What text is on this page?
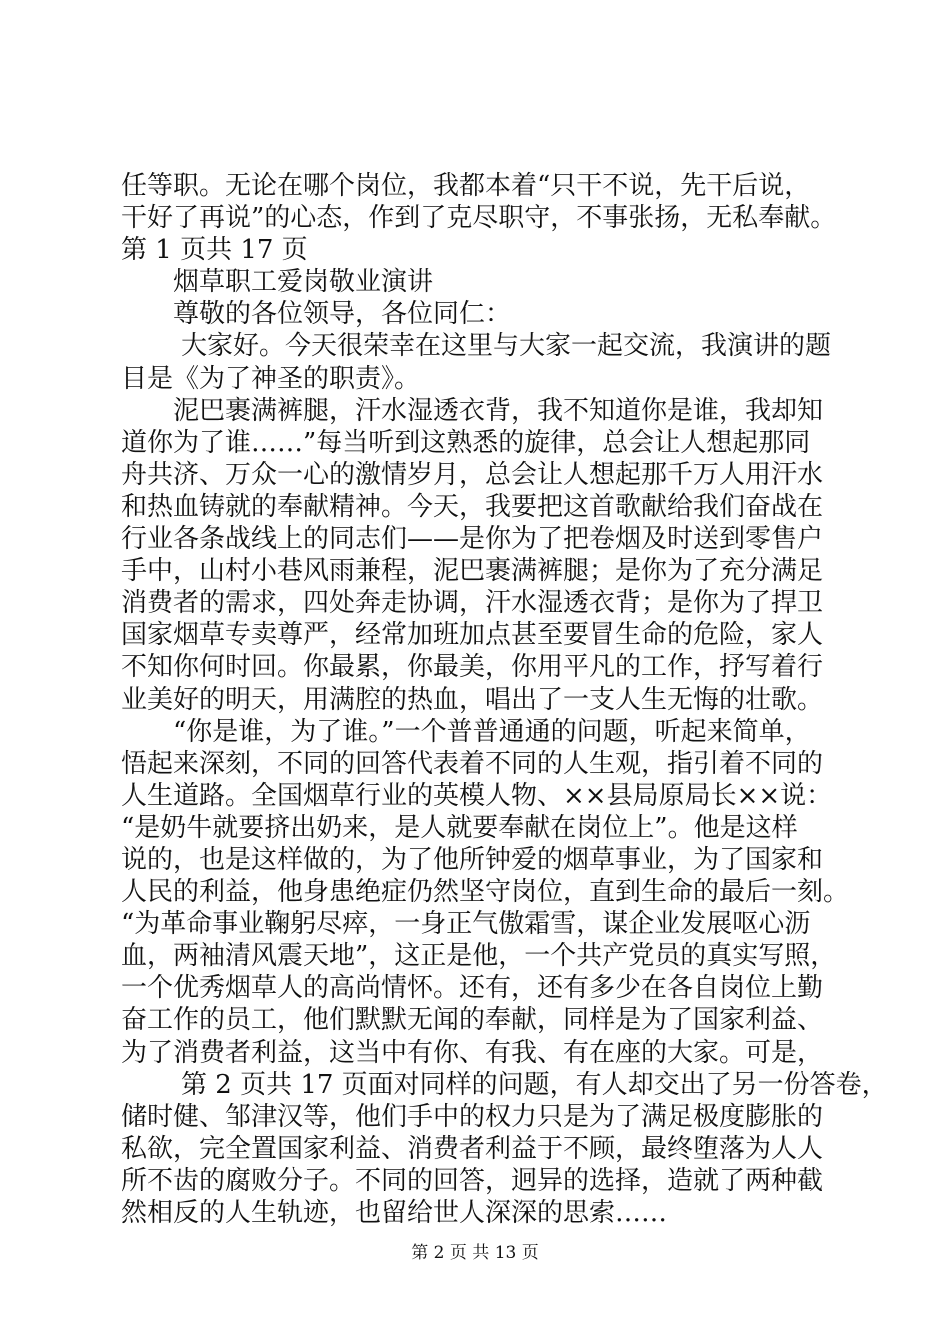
任等职。无论在哪个岗位，我都本着“只干不说，先干后说，
干好了再说”的心态，作到了克尽职守，不事张扬，无私奉献。
第 1 页共 17 页
烟草职工爱岗敬业演讲
尊敬的各位领导，各位同仁：
大家好。今天很荣幸在这里与大家一起交流，我演讲的题
目是《为了神圣的职责》。
泥巴裹满裤腿，汗水湿透衣背，我不知道你是谁，我却知
道你为了谁……”每当听到这熟悉的旋律，总会让人想起那同
舟共济、万众一心的激情岁月，总会让人想起那千万人用汗水
和热血铸就的奉献精神。今天，我要把这首歌献给我们奋战在
行业各条战线上的同志们——是你为了把卷烟及时送到零售户
手中，山村小巷风雨兼程，泥巴裹满裤腿；是你为了充分满足
消费者的需求，四处奔走协调，汗水湿透衣背；是你为了捍卫
国家烟草专卖尊严，经常加班加点甚至要冒生命的危险，家人
不知你何时回。你最累，你最美，你用平凡的工作，抒写着行
业美好的明天，用满腔的热血，唱出了一支人生无悔的壮歌。
“你是谁，为了谁。”一个普普通通的问题，听起来简单，
悟起来深刻，不同的回答代表着不同的人生观，指引着不同的
人生道路。全国烟草行业的英模人物、××县局原局长××说：
“是奶牛就要挤出奶来，是人就要奉献在岗位上”。他是这样
说的，也是这样做的，为了他所钟爱的烟草事业，为了国家和
人民的利益，他身患绝症仍然坚守岗位，直到生命的最后一刻。
“为革命事业鞠躬尽瘁，一身正气傲霜雪，谋企业发展呕心沥
血，两袖清风震天地”，这正是他，一个共产党员的真实写照，
一个优秀烟草人的高尚情怀。还有，还有多少在各自岗位上勤
奋工作的员工，他们默默无闻的奉献，同样是为了国家利益、
为了消费者利益，这当中有你、有我、有在座的大家。可是，
第 2 页共 17 页面对同样的问题，有人却交出了另一份答卷，
储时健、邹津汉等，他们手中的权力只是为了满足极度膨胀的
私欲，完全置国家利益、消费者利益于不顾，最终堕落为人人
所不齿的腐败分子。不同的回答，迥异的选择，造就了两种截
然相反的人生轨迹，也留给世人深深的思索……
第 2 页 共 13 页
